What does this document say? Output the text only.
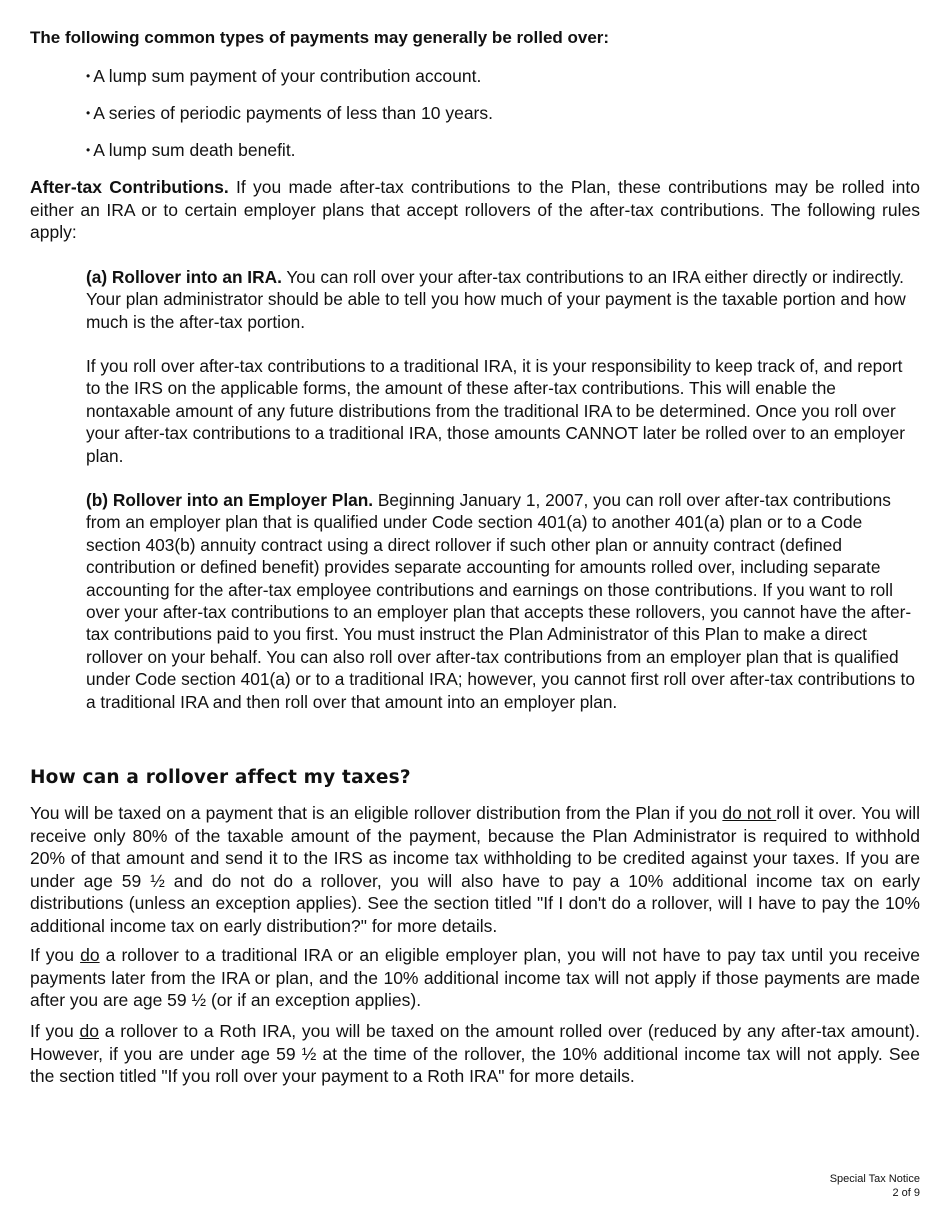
The following common types of payments may generally be rolled over:
• A lump sum payment of your contribution account.
• A series of periodic payments of less than 10 years.
• A lump sum death benefit.
After-tax Contributions. If you made after-tax contributions to the Plan, these contributions may be rolled into either an IRA or to certain employer plans that accept rollovers of the after-tax contributions. The following rules apply:
(a) Rollover into an IRA. You can roll over your after-tax contributions to an IRA either directly or indirectly. Your plan administrator should be able to tell you how much of your payment is the taxable portion and how much is the after-tax portion.
If you roll over after-tax contributions to a traditional IRA, it is your responsibility to keep track of, and report to the IRS on the applicable forms, the amount of these after-tax contributions. This will enable the nontaxable amount of any future distributions from the traditional IRA to be determined. Once you roll over your after-tax contributions to a traditional IRA, those amounts CANNOT later be rolled over to an employer plan.
(b) Rollover into an Employer Plan. Beginning January 1, 2007, you can roll over after-tax contributions from an employer plan that is qualified under Code section 401(a) to another 401(a) plan or to a Code section 403(b) annuity contract using a direct rollover if such other plan or annuity contract (defined contribution or defined benefit) provides separate accounting for amounts rolled over, including separate accounting for the after-tax employee contributions and earnings on those contributions. If you want to roll over your after-tax contributions to an employer plan that accepts these rollovers, you cannot have the after-tax contributions paid to you first. You must instruct the Plan Administrator of this Plan to make a direct rollover on your behalf. You can also roll over after-tax contributions from an employer plan that is qualified under Code section 401(a) or to a traditional IRA; however, you cannot first roll over after-tax contributions to a traditional IRA and then roll over that amount into an employer plan.
How can a rollover affect my taxes?
You will be taxed on a payment that is an eligible rollover distribution from the Plan if you do not roll it over. You will receive only 80% of the taxable amount of the payment, because the Plan Administrator is required to withhold 20% of that amount and send it to the IRS as income tax withholding to be credited against your taxes. If you are under age 59 ½ and do not do a rollover, you will also have to pay a 10% additional income tax on early distributions (unless an exception applies). See the section titled "If I don't do a rollover, will I have to pay the 10% additional income tax on early distribution?" for more details.
If you do a rollover to a traditional IRA or an eligible employer plan, you will not have to pay tax until you receive payments later from the IRA or plan, and the 10% additional income tax will not apply if those payments are made after you are age 59 ½ (or if an exception applies).
If you do a rollover to a Roth IRA, you will be taxed on the amount rolled over (reduced by any after-tax amount). However, if you are under age 59 ½ at the time of the rollover, the 10% additional income tax will not apply. See the section titled "If you roll over your payment to a Roth IRA" for more details.
Special Tax Notice
2 of 9
